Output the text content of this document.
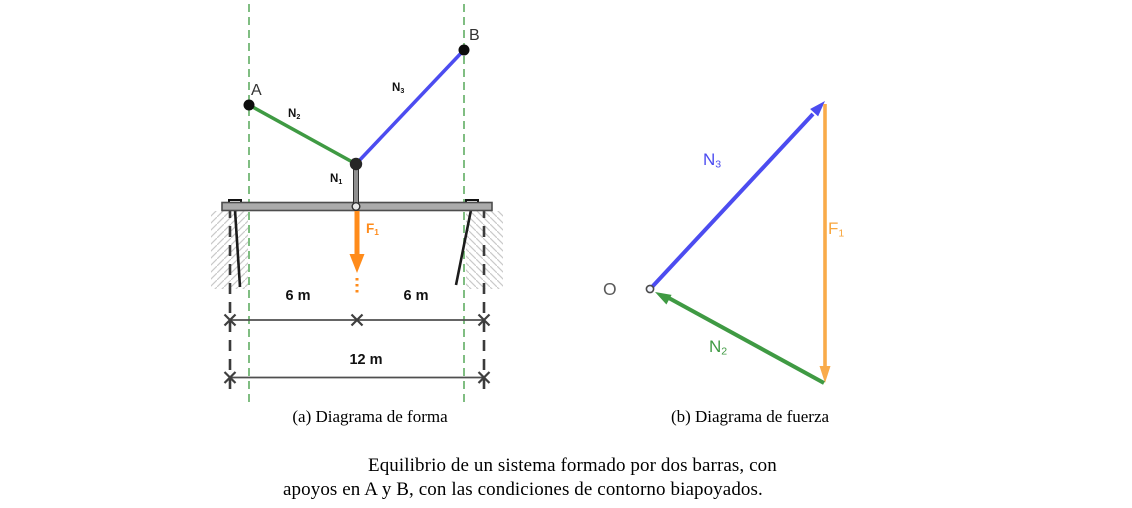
A
B
$N_2$
$N_3$
$N_1$
$F_1$
6 m	6 m
12 m
(a) Diagrama de forma	(b) Diagrama de fuerza
O
$N_3$
$F_1$
$N_2$
Equilibrio de un sistema formado por dos barras, con
apoyos en A y B, con las condiciones de contorno biapoyados.
